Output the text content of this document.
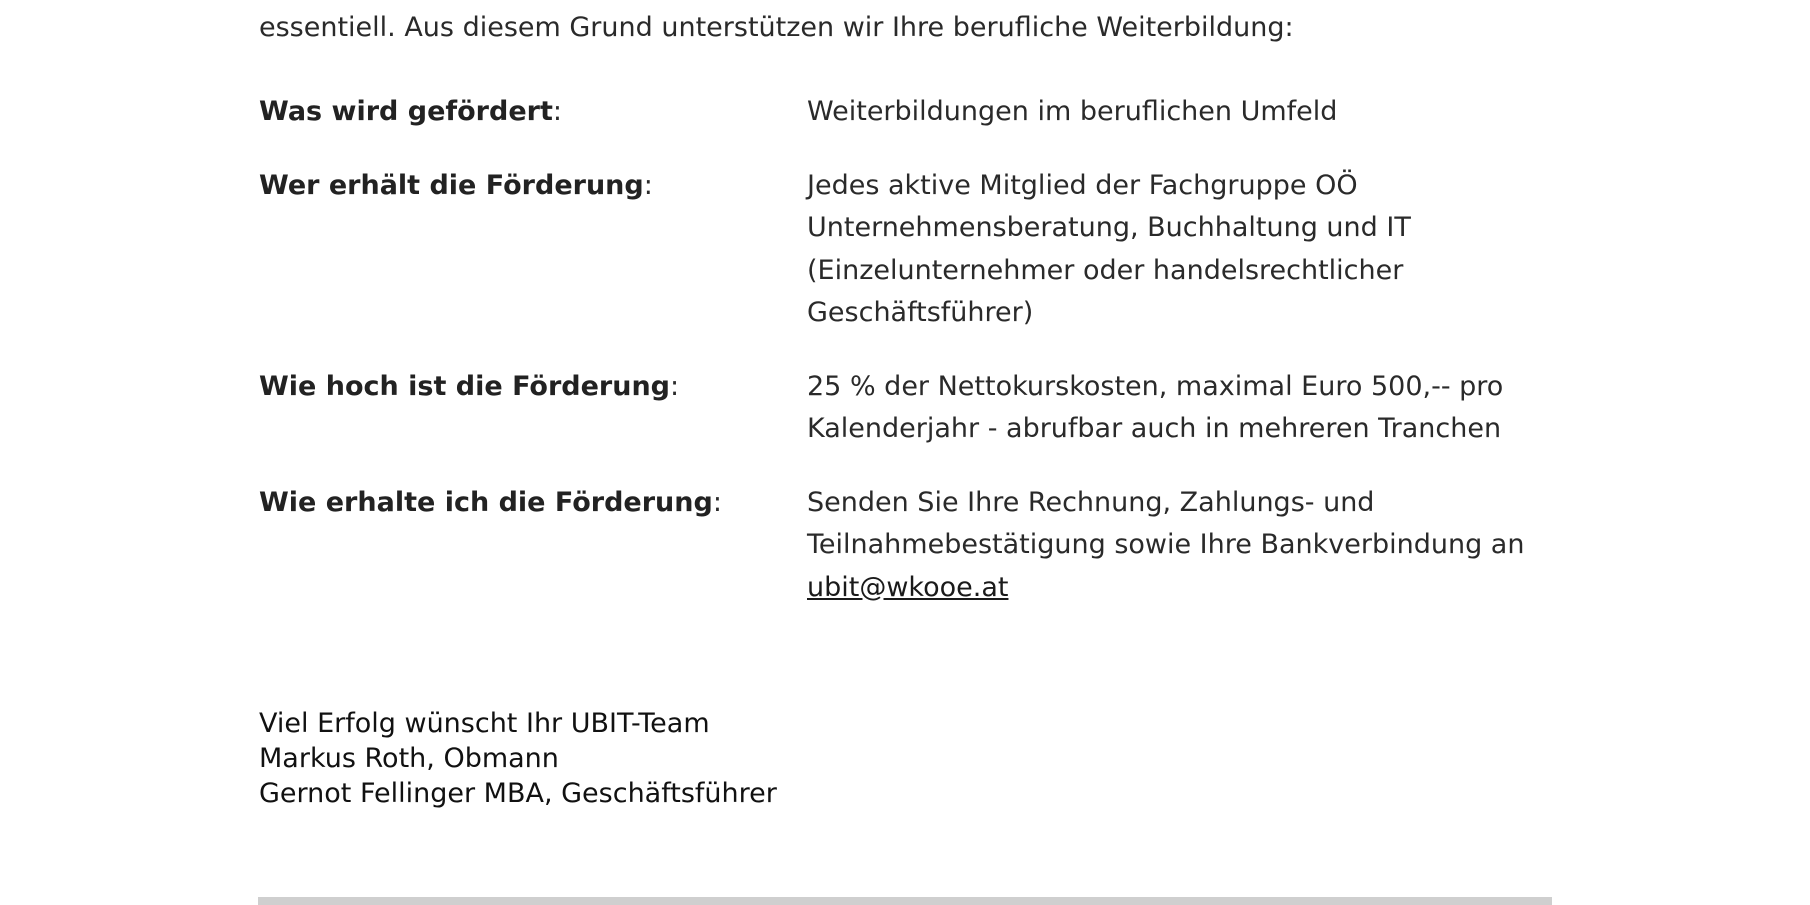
essentiell. Aus diesem Grund unterstützen wir Ihre berufliche Weiterbildung:

Was wird gefördert:	Weiterbildungen im beruflichen Umfeld
Wer erhält die Förderung:	Jedes aktive Mitglied der Fachgruppe OÖ
Unternehmensberatung, Buchhaltung und IT
(Einzelunternehmer oder handelsrechtlicher
Geschäftsführer)
Wie hoch ist die Förderung:	25 % der Nettokurskosten, maximal Euro 500,-- pro
Kalenderjahr - abrufbar auch in mehreren Tranchen
Wie erhalte ich die Förderung:	Senden Sie Ihre Rechnung, Zahlungs- und
Teilnahmebestätigung sowie Ihre Bankverbindung an
ubit@wkooe.at
Viel Erfolg wünscht Ihr UBIT-Team
Markus Roth, Obmann
Gernot Fellinger MBA, Geschäftsführer
